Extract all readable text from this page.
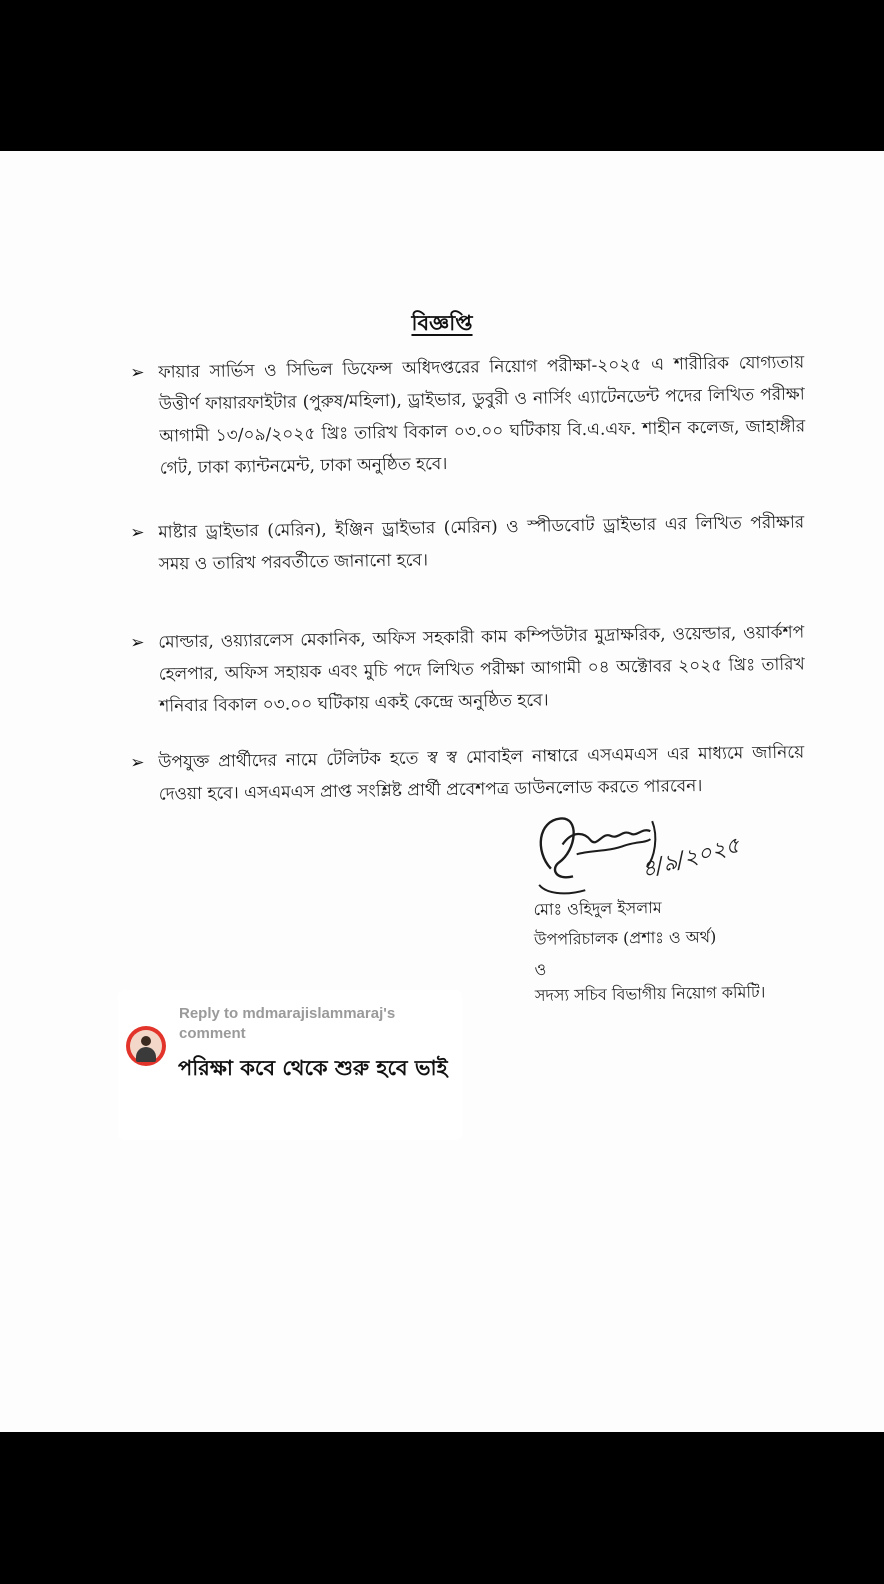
বিজ্ঞপ্তি
➢ ফায়ার সার্ভিস ও সিভিল ডিফেন্স অধিদপ্তরের নিয়োগ পরীক্ষা-২০২৫ এ শারীরিক যোগ্যতায় উত্তীর্ণ ফায়ারফাইটার (পুরুষ/মহিলা), ড্রাইভার, ডুবুরী ও নার্সিং এ্যাটেনডেন্ট পদের লিখিত পরীক্ষা আগামী ১৩/০৯/২০২৫ খ্রিঃ তারিখ বিকাল ০৩.০০ ঘটিকায় বি.এ.এফ. শাহীন কলেজ, জাহাঙ্গীর গেট, ঢাকা ক্যান্টনমেন্ট, ঢাকা অনুষ্ঠিত হবে।
➢ মাষ্টার ড্রাইভার (মেরিন), ইঞ্জিন ড্রাইভার (মেরিন) ও স্পীডবোট ড্রাইভার এর লিখিত পরীক্ষার সময় ও তারিখ পরবর্তীতে জানানো হবে।
➢ মোল্ডার, ওয়্যারলেস মেকানিক, অফিস সহকারী কাম কম্পিউটার মুদ্রাক্ষরিক, ওয়েল্ডার, ওয়ার্কশপ হেলপার, অফিস সহায়ক এবং মুচি পদে লিখিত পরীক্ষা আগামী ০৪ অক্টোবর ২০২৫ খ্রিঃ তারিখ শনিবার বিকাল ০৩.০০ ঘটিকায় একই কেন্দ্রে অনুষ্ঠিত হবে।
➢ উপযুক্ত প্রার্থীদের নামে টেলিটক হতে স্ব স্ব মোবাইল নাম্বারে এসএমএস এর মাধ্যমে জানিয়ে দেওয়া হবে। এসএমএস প্রাপ্ত সংশ্লিষ্ট প্রার্থী প্রবেশপত্র ডাউনলোড করতে পারবেন।
৪/৯/২০২৫
মোঃ ওহিদুল ইসলাম
উপপরিচালক (প্রশাঃ ও অর্থ)
ও
সদস্য সচিব বিভাগীয় নিয়োগ কমিটি।
Reply to mdmarajislammaraj's comment
পরিক্ষা কবে থেকে শুরু হবে ভাই
